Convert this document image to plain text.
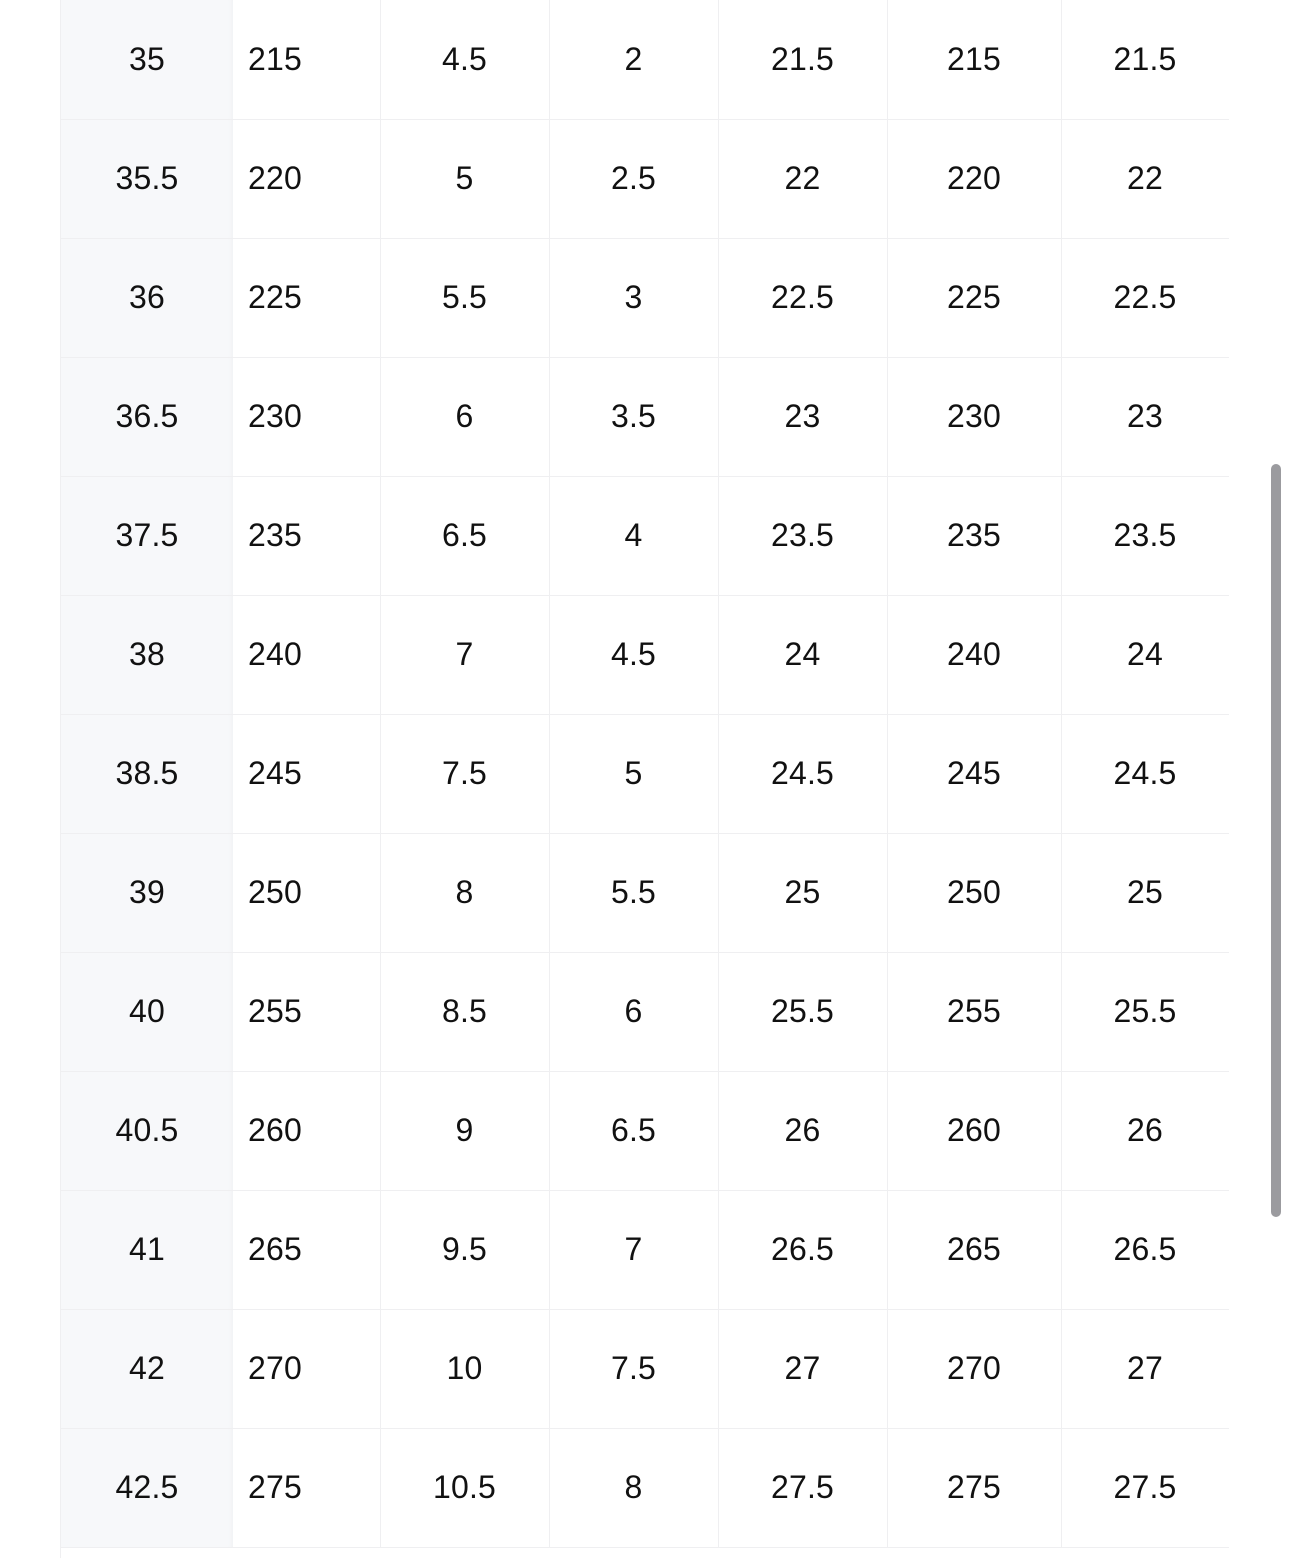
35	215	4.5	2	21.5	215	21.5
35.5	220	5	2.5	22	220	22
36	225	5.5	3	22.5	225	22.5
36.5	230	6	3.5	23	230	23
37.5	235	6.5	4	23.5	235	23.5
38	240	7	4.5	24	240	24
38.5	245	7.5	5	24.5	245	24.5
39	250	8	5.5	25	250	25
40	255	8.5	6	25.5	255	25.5
40.5	260	9	6.5	26	260	26
41	265	9.5	7	26.5	265	26.5
42	270	10	7.5	27	270	27
42.5	275	10.5	8	27.5	275	27.5
